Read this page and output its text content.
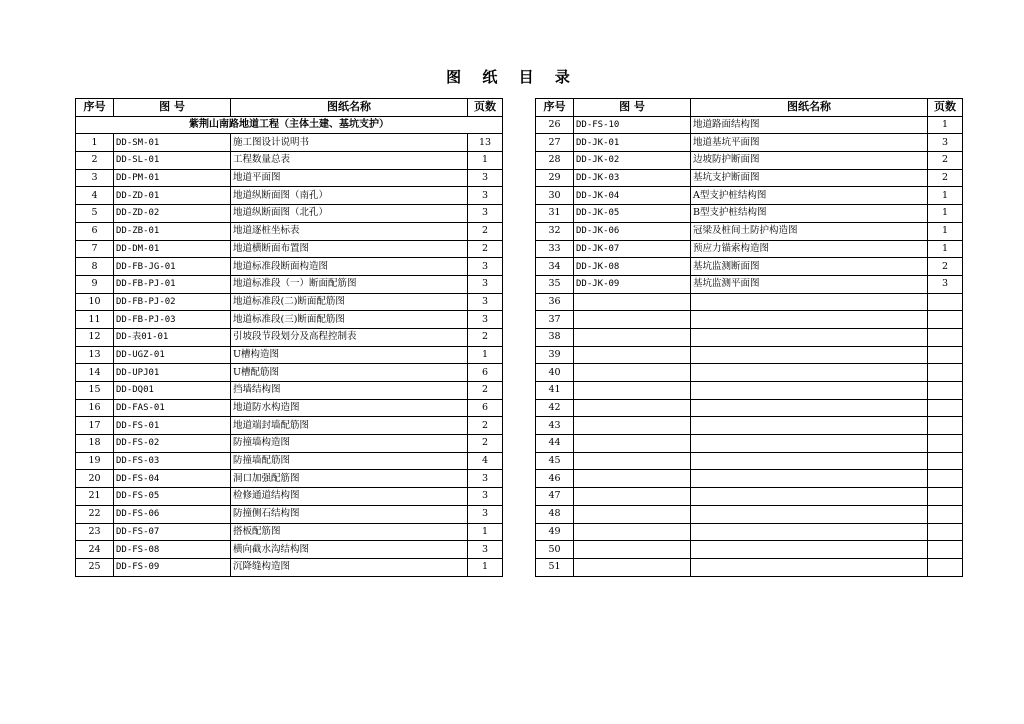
图 纸 目 录
序号	图 号	图纸名称	页数
紫荆山南路地道工程（主体土建、基坑支护）			
1	DD-SM-01	施工图设计说明书	13
2	DD-SL-01	工程数量总表	1
3	DD-PM-01	地道平面图	3
4	DD-ZD-01	地道纵断面图（南孔）	3
5	DD-ZD-02	地道纵断面图（北孔）	3
6	DD-ZB-01	地道逐桩坐标表	2
7	DD-DM-01	地道横断面布置图	2
8	DD-FB-JG-01	地道标准段断面构造图	3
9	DD-FB-PJ-01	地道标准段（一）断面配筋图	3
10	DD-FB-PJ-02	地道标准段(二)断面配筋图	3
11	DD-FB-PJ-03	地道标准段(三)断面配筋图	3
12	DD-表01-01	引坡段节段划分及高程控制表	2
13	DD-UGZ-01	U槽构造图	1
14	DD-UPJ01	U槽配筋图	6
15	DD-DQ01	挡墙结构图	2
16	DD-FAS-01	地道防水构造图	6
17	DD-FS-01	地道端封墙配筋图	2
18	DD-FS-02	防撞墙构造图	2
19	DD-FS-03	防撞墙配筋图	4
20	DD-FS-04	洞口加强配筋图	3
21	DD-FS-05	检修通道结构图	3
22	DD-FS-06	防撞侧石结构图	3
23	DD-FS-07	搭板配筋图	1
24	DD-FS-08	横向截水沟结构图	3
25	DD-FS-09	沉降缝构造图	1
序号	图 号	图纸名称	页数
26	DD-FS-10	地道路面结构图	1
27	DD-JK-01	地道基坑平面图	3
28	DD-JK-02	边坡防护断面图	2
29	DD-JK-03	基坑支护断面图	2
30	DD-JK-04	A型支护桩结构图	1
31	DD-JK-05	B型支护桩结构图	1
32	DD-JK-06	冠梁及桩间土防护构造图	1
33	DD-JK-07	预应力锚索构造图	1
34	DD-JK-08	基坑监测断面图	2
35	DD-JK-09	基坑监测平面图	3
36			
37			
38			
39			
40			
41			
42			
43			
44			
45			
46			
47			
48			
49			
50			
51			
